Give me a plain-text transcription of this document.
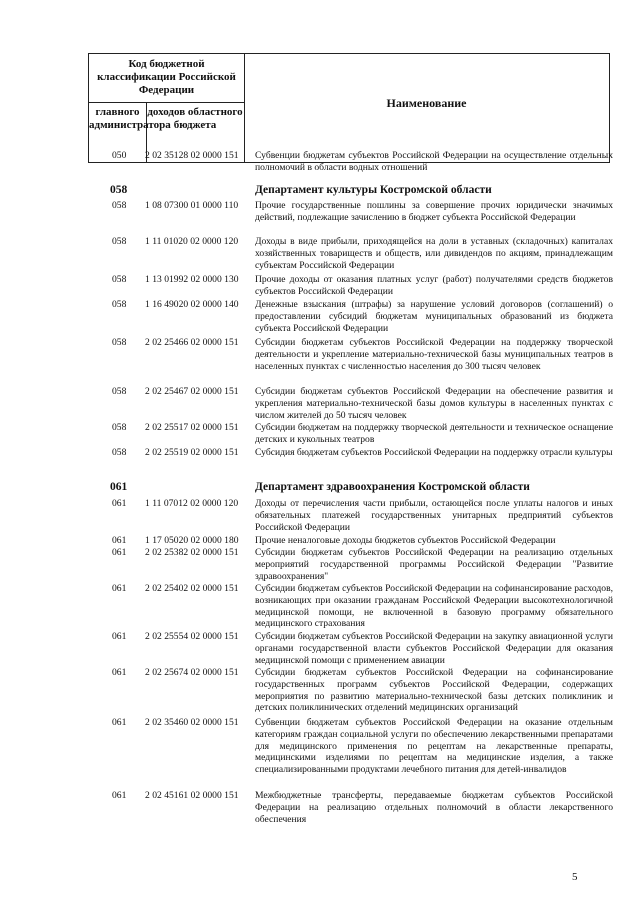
Код бюджетной классификации Российской Федерации
главного администратора
доходов областного бюджета
Наименование
050 2 02 35128 02 0000 151	Субвенции бюджетам субъектов Российской Федерации на осуществление отдельных полномочий в области водных отношений
058	Департамент культуры Костромской области
058 1 08 07300 01 0000 110	Прочие государственные пошлины за совершение прочих юридически значимых действий, подлежащие зачислению в бюджет субъекта Российской Федерации
058 1 11 01020 02 0000 120	Доходы в виде прибыли, приходящейся на доли в уставных (складочных) капиталах хозяйственных товариществ и обществ, или дивидендов по акциям, принадлежащим субъектам Российской Федерации
058 1 13 01992 02 0000 130	Прочие доходы от оказания платных услуг (работ) получателями средств бюджетов субъектов Российской Федерации
058 1 16 49020 02 0000 140	Денежные взыскания (штрафы) за нарушение условий договоров (соглашений) о предоставлении субсидий бюджетам муниципальных образований из бюджета субъекта Российской Федерации
058 2 02 25466 02 0000 151	Субсидии бюджетам субъектов Российской Федерации на поддержку творческой деятельности и укрепление материально-технической базы муниципальных театров в населенных пунктах с численностью населения до 300 тысяч человек
058 2 02 25467 02 0000 151	Субсидии бюджетам субъектов Российской Федерации на обеспечение развития и укрепления материально-технической базы домов культуры в населенных пунктах с числом жителей до 50 тысяч человек
058 2 02 25517 02 0000 151	Субсидии бюджетам на поддержку творческой деятельности и техническое оснащение детских и кукольных театров
058 2 02 25519 02 0000 151	Субсидия бюджетам субъектов Российской Федерации на поддержку отрасли культуры
061	Департамент здравоохранения Костромской области
061 1 11 07012 02 0000 120	Доходы от перечисления части прибыли, остающейся после уплаты налогов и иных обязательных платежей государственных унитарных предприятий субъектов Российской Федерации
061 1 17 05020 02 0000 180	Прочие неналоговые доходы бюджетов субъектов Российской Федерации
061 2 02 25382 02 0000 151	Субсидии бюджетам субъектов Российской Федерации на реализацию отдельных мероприятий государственной программы Российской Федерации "Развитие здравоохранения"
061 2 02 25402 02 0000 151	Субсидии бюджетам субъектов Российской Федерации на софинансирование расходов, возникающих при оказании гражданам Российской Федерации высокотехнологичной медицинской помощи, не включенной в базовую программу обязательного медицинского страхования
061 2 02 25554 02 0000 151	Субсидии бюджетам субъектов Российской Федерации на закупку авиационной услуги органами государственной власти субъектов Российской Федерации для оказания медицинской помощи с применением авиации
061 2 02 25674 02 0000 151	Субсидии бюджетам субъектов Российской Федерации на софинансирование государственных программ субъектов Российской Федерации, содержащих мероприятия по развитию материально-технической базы детских поликлиник и детских поликлинических отделений медицинских организаций
061 2 02 35460 02 0000 151	Субвенции бюджетам субъектов Российской Федерации на оказание отдельным категориям граждан социальной услуги по обеспечению лекарственными препаратами для медицинского применения по рецептам на лекарственные препараты, медицинскими изделиями по рецептам на медицинские изделия, а также специализированными продуктами лечебного питания для детей-инвалидов
061 2 02 45161 02 0000 151	Межбюджетные трансферты, передаваемые бюджетам субъектов Российской Федерации на реализацию отдельных полномочий в области лекарственного обеспечения
5
